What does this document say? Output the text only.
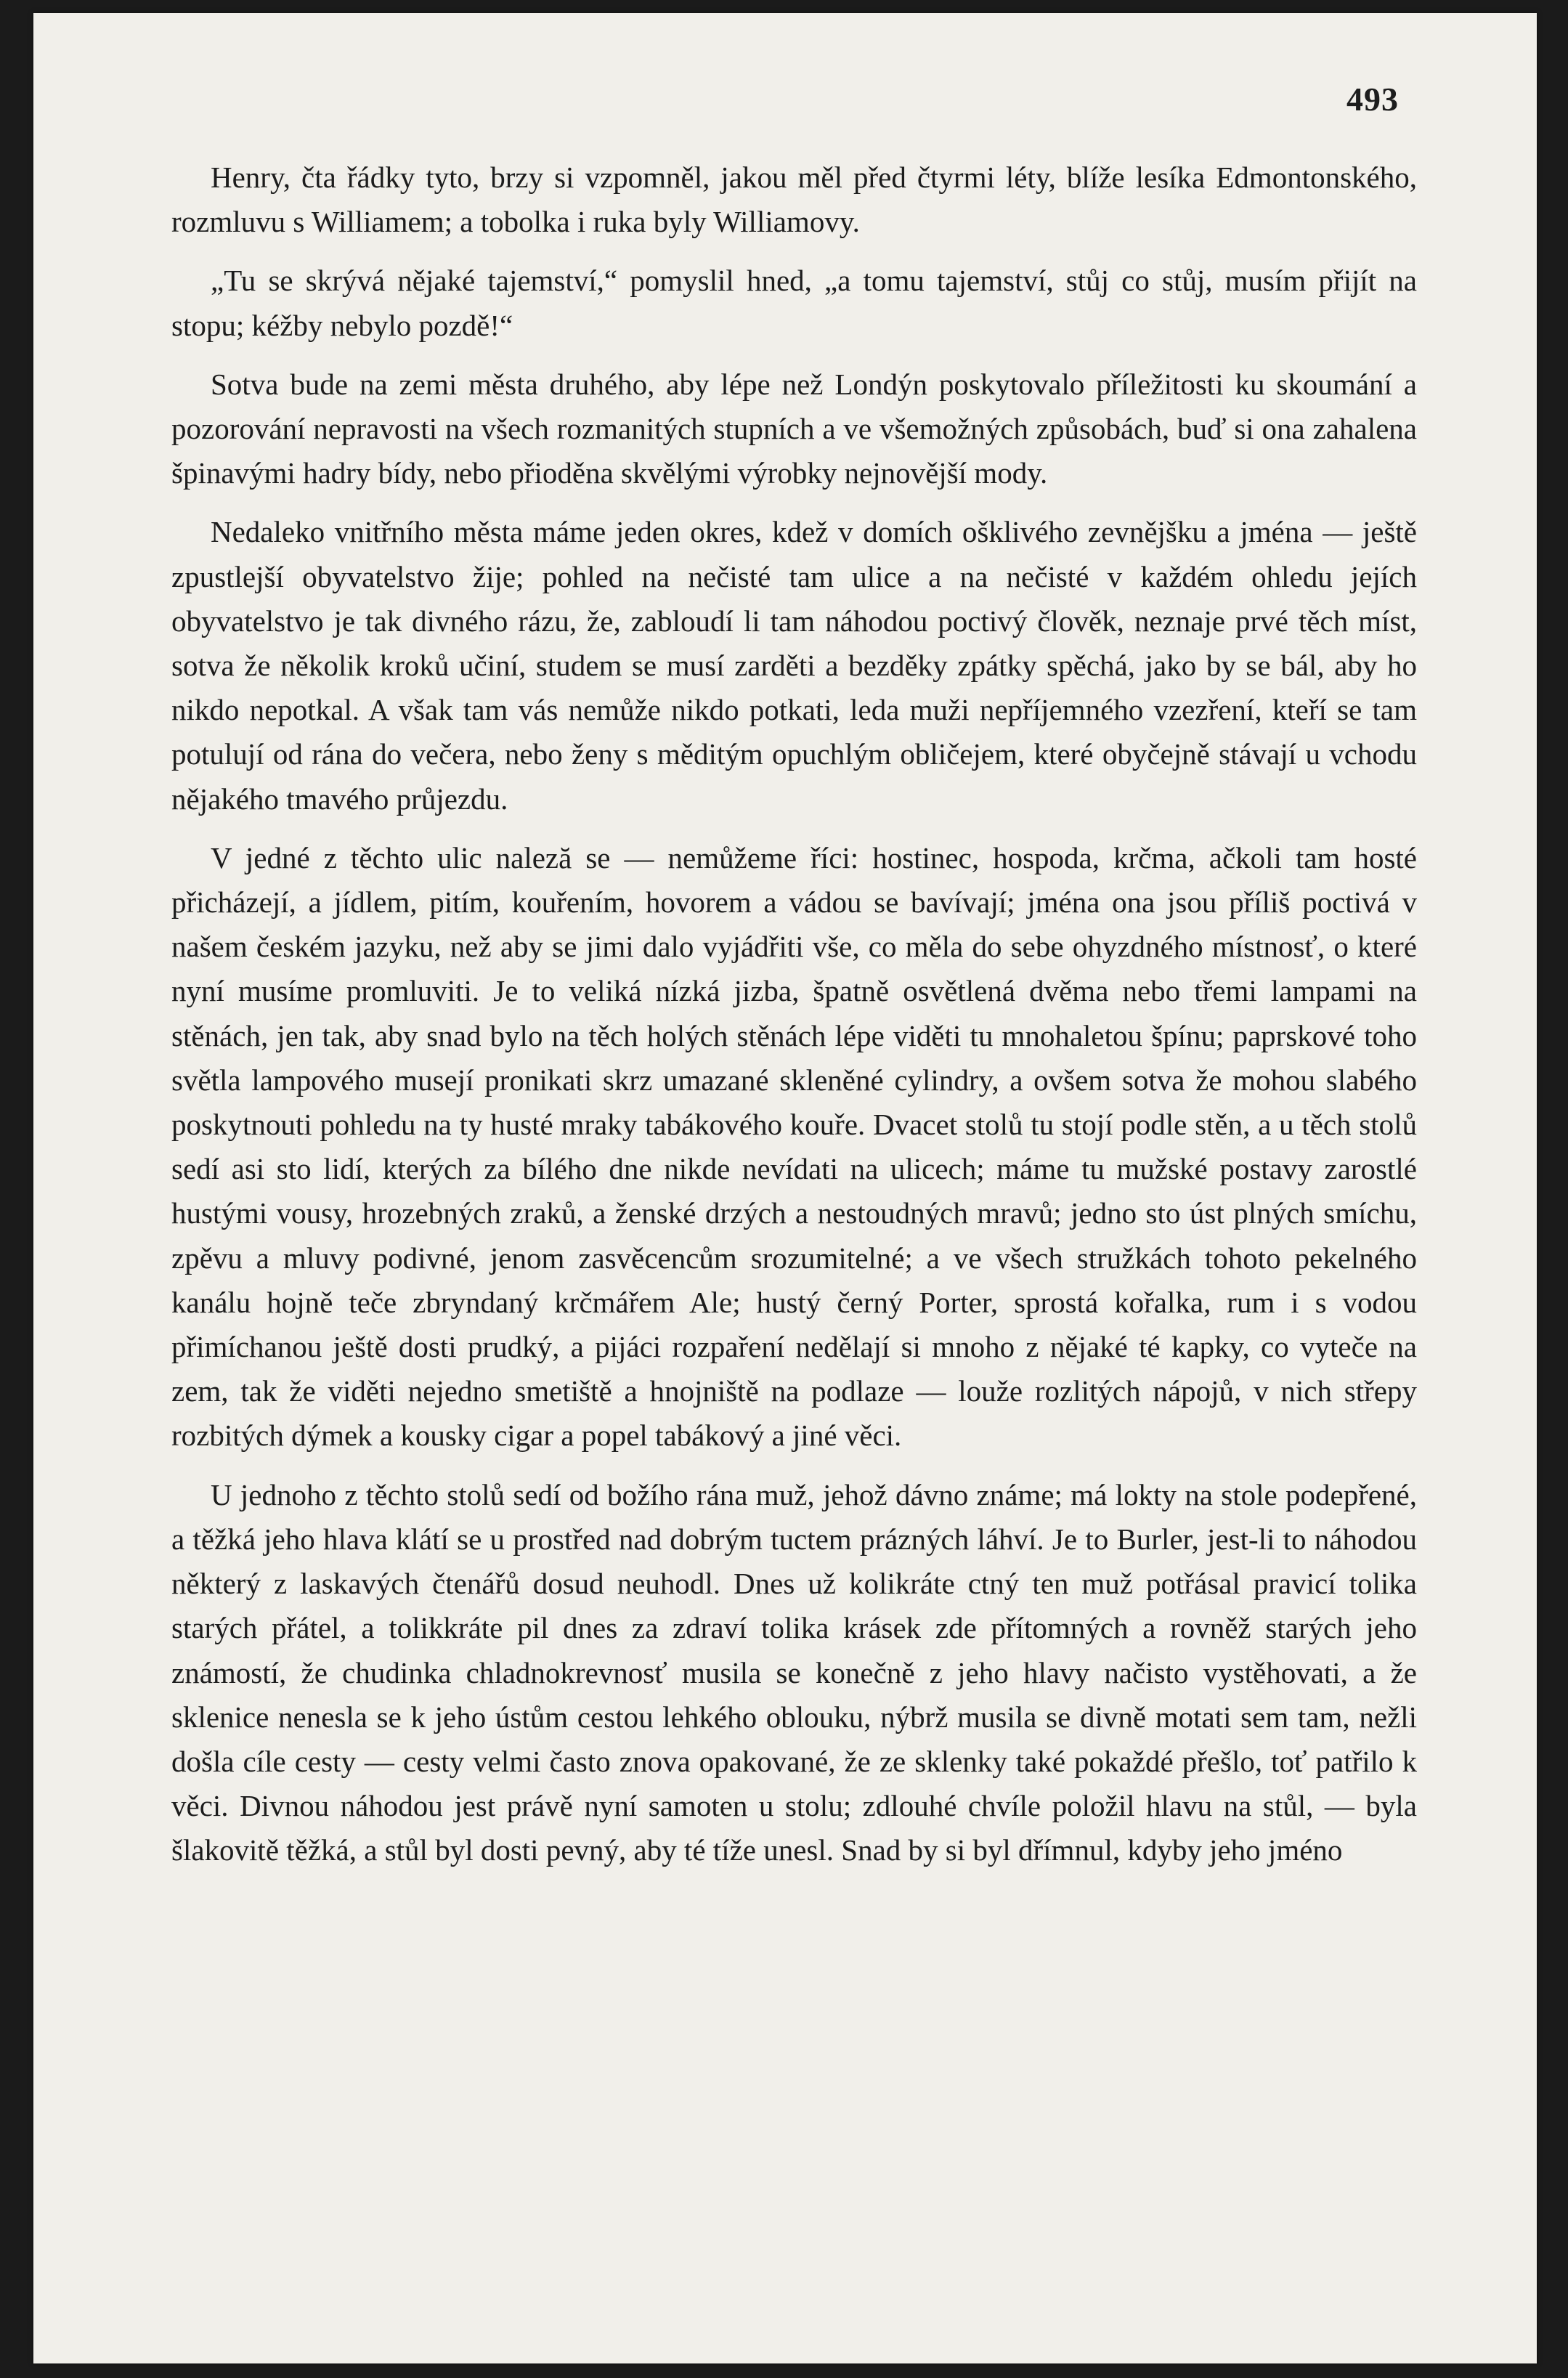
493

Henry, čta řádky tyto, brzy si vzpomněl, jakou měl před čtyrmi léty, blíže lesíka Edmontonského, rozmluvu s Williamem; a tobolka i ruka byly Williamovy.

„Tu se skrývá nějaké tajemství,“ pomyslil hned, „a tomu tajemství, stůj co stůj, musím přijít na stopu; kéžby nebylo pozdě!“

Sotva bude na zemi města druhého, aby lépe než Londýn poskytovalo příležitosti ku skoumání a pozorování nepravosti na všech rozmanitých stupních a ve všemožných způsobách, buď si ona zahalena špinavými hadry bídy, nebo přioděna skvělými výrobky nejnovější mody.

Nedaleko vnitřního města máme jeden okres, kdež v domích ošklivého zevnějšku a jména — ještě zpustlejší obyvatelstvo žije; pohled na nečisté tam ulice a na nečisté v každém ohledu jejích obyvatelstvo je tak divného rázu, že, zabloudí li tam náhodou poctivý člověk, neznaje prvé těch míst, sotva že několik kroků učiní, studem se musí zarděti a bezděky zpátky spěchá, jako by se bál, aby ho nikdo nepotkal. A však tam vás nemůže nikdo potkati, leda muži nepříjemného vzezření, kteří se tam potulují od rána do večera, nebo ženy s měditým opuchlým obličejem, které obyčejně stávají u vchodu nějakého tmavého průjezdu.

V jedné z těchto ulic naleză se — nemůžeme říci: hostinec, hospoda, krčma, ačkoli tam hosté přicházejí, a jídlem, pitím, kouřením, hovorem a vádou se bavívají; jména ona jsou příliš poctivá v našem českém jazyku, než aby se jimi dalo vyjádřiti vše, co měla do sebe ohyzdného místnosť, o které nyní musíme promluviti. Je to veliká nízká jizba, špatně osvětlená dvěma nebo třemi lampami na stěnách, jen tak, aby snad bylo na těch holých stěnách lépe viděti tu mnohaletou špínu; paprskové toho světla lampového musejí pronikati skrz umazané skleněné cylindry, a ovšem sotva že mohou slabého poskytnouti pohledu na ty husté mraky tabákového kouře. Dvacet stolů tu stojí podle stěn, a u těch stolů sedí asi sto lidí, kterých za bílého dne nikde nevídati na ulicech; máme tu mužské postavy zarostlé hustými vousy, hrozebných zraků, a ženské drzých a nestoudných mravů; jedno sto úst plných smíchu, zpěvu a mluvy podivné, jenom zasvěcencům srozumitelné; a ve všech stružkách tohoto pekelného kanálu hojně teče zbryndaný krčmářem Ale; hustý černý Porter, sprostá kořalka, rum i s vodou přimíchanou ještě dosti prudký, a pijáci rozpaření nedělají si mnoho z nějaké té kapky, co vyteče na zem, tak že viděti nejedno smetiště a hnojniště na podlaze — louže rozlitých nápojů, v nich střepy rozbitých dýmek a kousky cigar a popel tabákový a jiné věci.

U jednoho z těchto stolů sedí od božího rána muž, jehož dávno známe; má lokty na stole podepřené, a těžká jeho hlava klátí se u prostřed nad dobrým tuctem prázných láhví. Je to Burler, jest-li to náhodou některý z laskavých čtenářů dosud neuhodl. Dnes už kolikráte ctný ten muž potřásal pravicí tolika starých přátel, a tolikkráte pil dnes za zdraví tolika krásek zde přítomných a rovněž starých jeho známostí, že chudinka chladnokrevnosť musila se konečně z jeho hlavy načisto vystěhovati, a že sklenice nenesla se k jeho ústům cestou lehkého oblouku, nýbrž musila se divně motati sem tam, nežli došla cíle cesty — cesty velmi často znova opakované, že ze sklenky také pokaždé přešlo, toť patřilo k věci. Divnou náhodou jest právě nyní samoten u stolu; zdlouhé chvíle položil hlavu na stůl, — byla šlakovitě těžká, a stůl byl dosti pevný, aby té tíže unesl. Snad by si byl dřímnul, kdyby jeho jméno
